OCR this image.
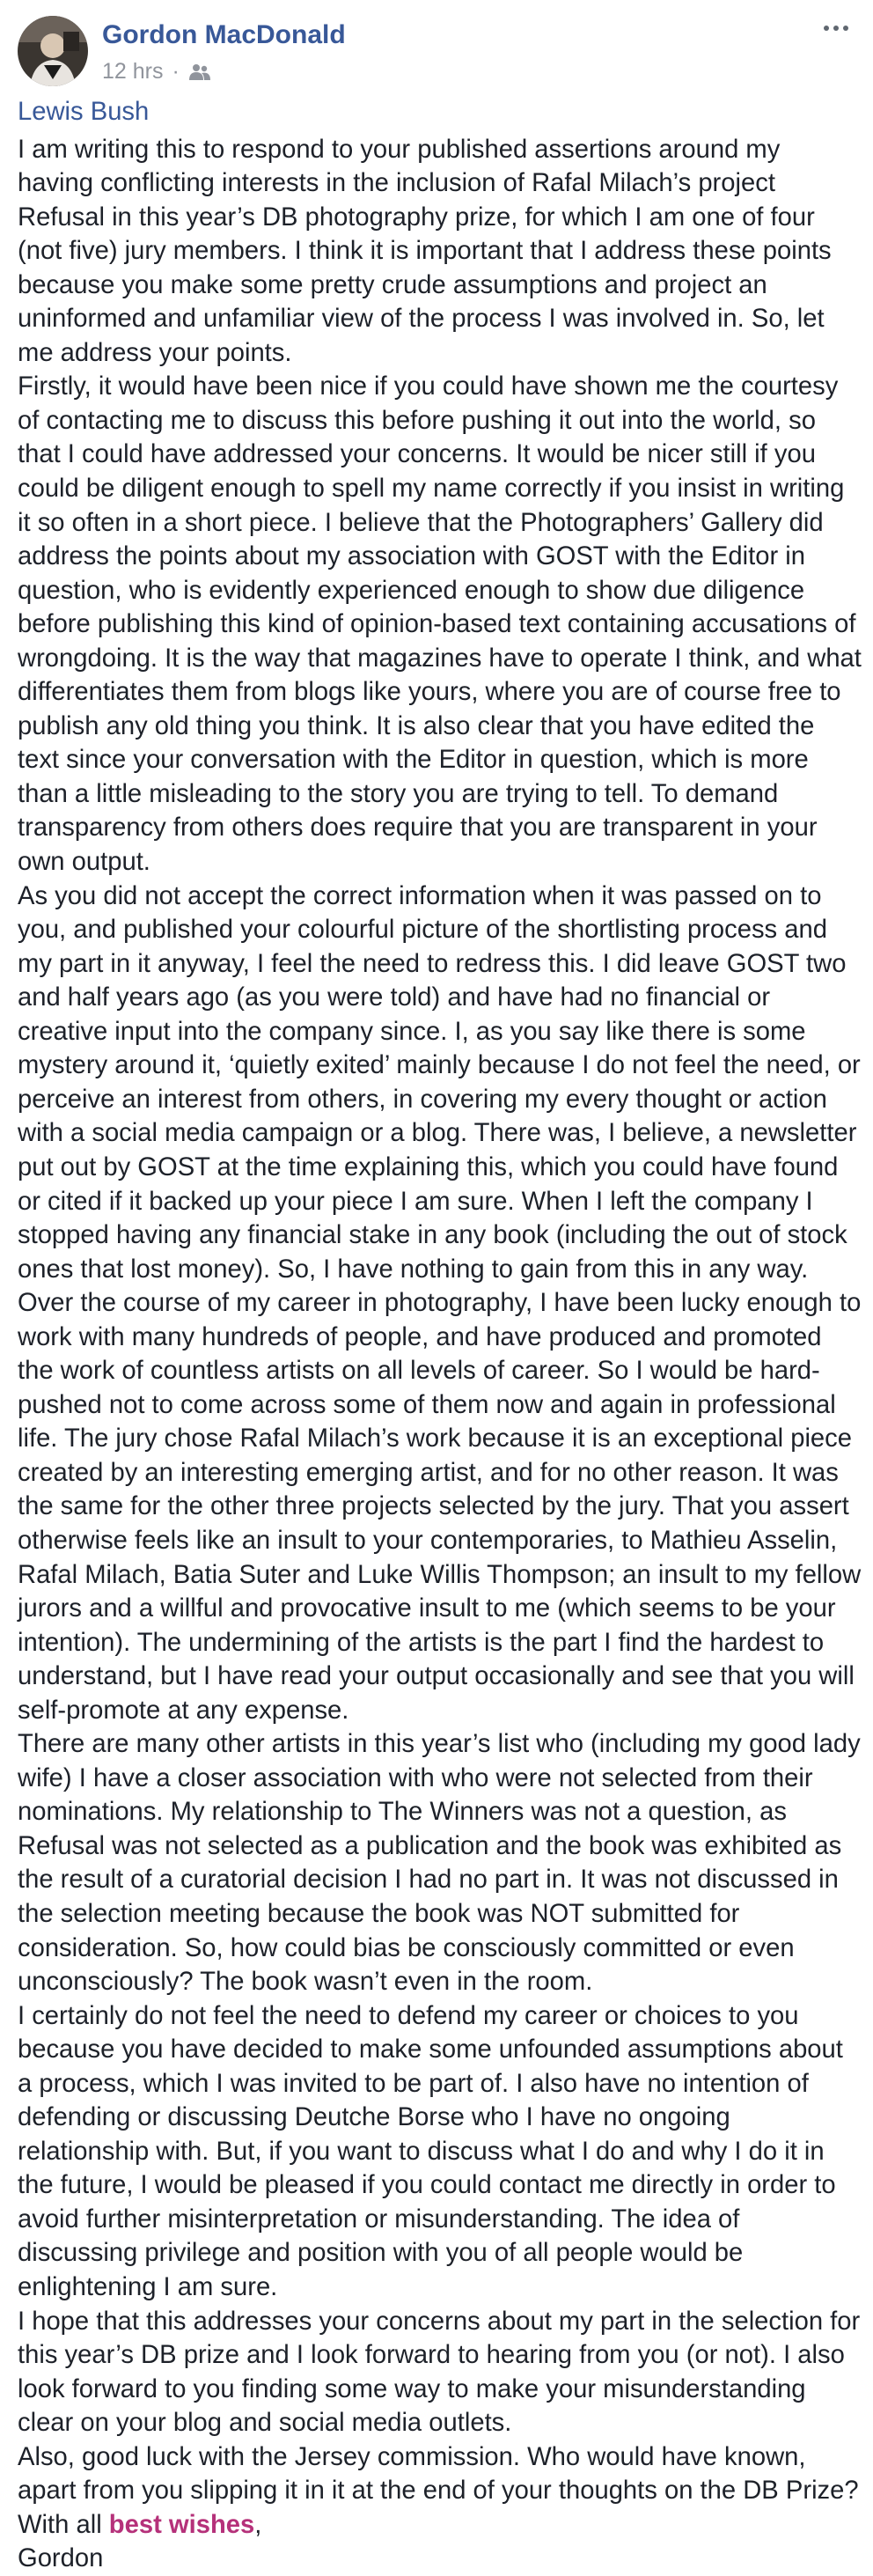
Gordon MacDonald
12 hrs ·
Lewis Bush

I am writing this to respond to your published assertions around my having conflicting interests in the inclusion of Rafal Milach’s project Refusal in this year’s DB photography prize, for which I am one of four (not five) jury members. I think it is important that I address these points because you make some pretty crude assumptions and project an uninformed and unfamiliar view of the process I was involved in. So, let me address your points.

Firstly, it would have been nice if you could have shown me the courtesy of contacting me to discuss this before pushing it out into the world, so that I could have addressed your concerns. It would be nicer still if you could be diligent enough to spell my name correctly if you insist in writing it so often in a short piece. I believe that the Photographers’ Gallery did address the points about my association with GOST with the Editor in question, who is evidently experienced enough to show due diligence before publishing this kind of opinion-based text containing accusations of wrongdoing. It is the way that magazines have to operate I think, and what differentiates them from blogs like yours, where you are of course free to publish any old thing you think. It is also clear that you have edited the text since your conversation with the Editor in question, which is more than a little misleading to the story you are trying to tell. To demand transparency from others does require that you are transparent in your own output.

As you did not accept the correct information when it was passed on to you, and published your colourful picture of the shortlisting process and my part in it anyway, I feel the need to redress this. I did leave GOST two and half years ago (as you were told) and have had no financial or creative input into the company since. I, as you say like there is some mystery around it, ‘quietly exited’ mainly because I do not feel the need, or perceive an interest from others, in covering my every thought or action with a social media campaign or a blog. There was, I believe, a newsletter put out by GOST at the time explaining this, which you could have found or cited if it backed up your piece I am sure. When I left the company I stopped having any financial stake in any book (including the out of stock ones that lost money). So, I have nothing to gain from this in any way.

Over the course of my career in photography, I have been lucky enough to work with many hundreds of people, and have produced and promoted the work of countless artists on all levels of career. So I would be hard-pushed not to come across some of them now and again in professional life. The jury chose Rafal Milach’s work because it is an exceptional piece created by an interesting emerging artist, and for no other reason. It was the same for the other three projects selected by the jury. That you assert otherwise feels like an insult to your contemporaries, to Mathieu Asselin, Rafal Milach, Batia Suter and Luke Willis Thompson; an insult to my fellow jurors and a willful and provocative insult to me (which seems to be your intention). The undermining of the artists is the part I find the hardest to understand, but I have read your output occasionally and see that you will self-promote at any expense.

There are many other artists in this year’s list who (including my good lady wife) I have a closer association with who were not selected from their nominations. My relationship to The Winners was not a question, as Refusal was not selected as a publication and the book was exhibited as the result of a curatorial decision I had no part in. It was not discussed in the selection meeting because the book was NOT submitted for consideration. So, how could bias be consciously committed or even unconsciously? The book wasn’t even in the room.

I certainly do not feel the need to defend my career or choices to you because you have decided to make some unfounded assumptions about a process, which I was invited to be part of. I also have no intention of defending or discussing Deutche Borse who I have no ongoing relationship with. But, if you want to discuss what I do and why I do it in the future, I would be pleased if you could contact me directly in order to avoid further misinterpretation or misunderstanding. The idea of discussing privilege and position with you of all people would be enlightening I am sure.

I hope that this addresses your concerns about my part in the selection for this year’s DB prize and I look forward to hearing from you (or not). I also look forward to you finding some way to make your misunderstanding clear on your blog and social media outlets.

Also, good luck with the Jersey commission. Who would have known, apart from you slipping it in it at the end of your thoughts on the DB Prize?

With all best wishes,

Gordon
